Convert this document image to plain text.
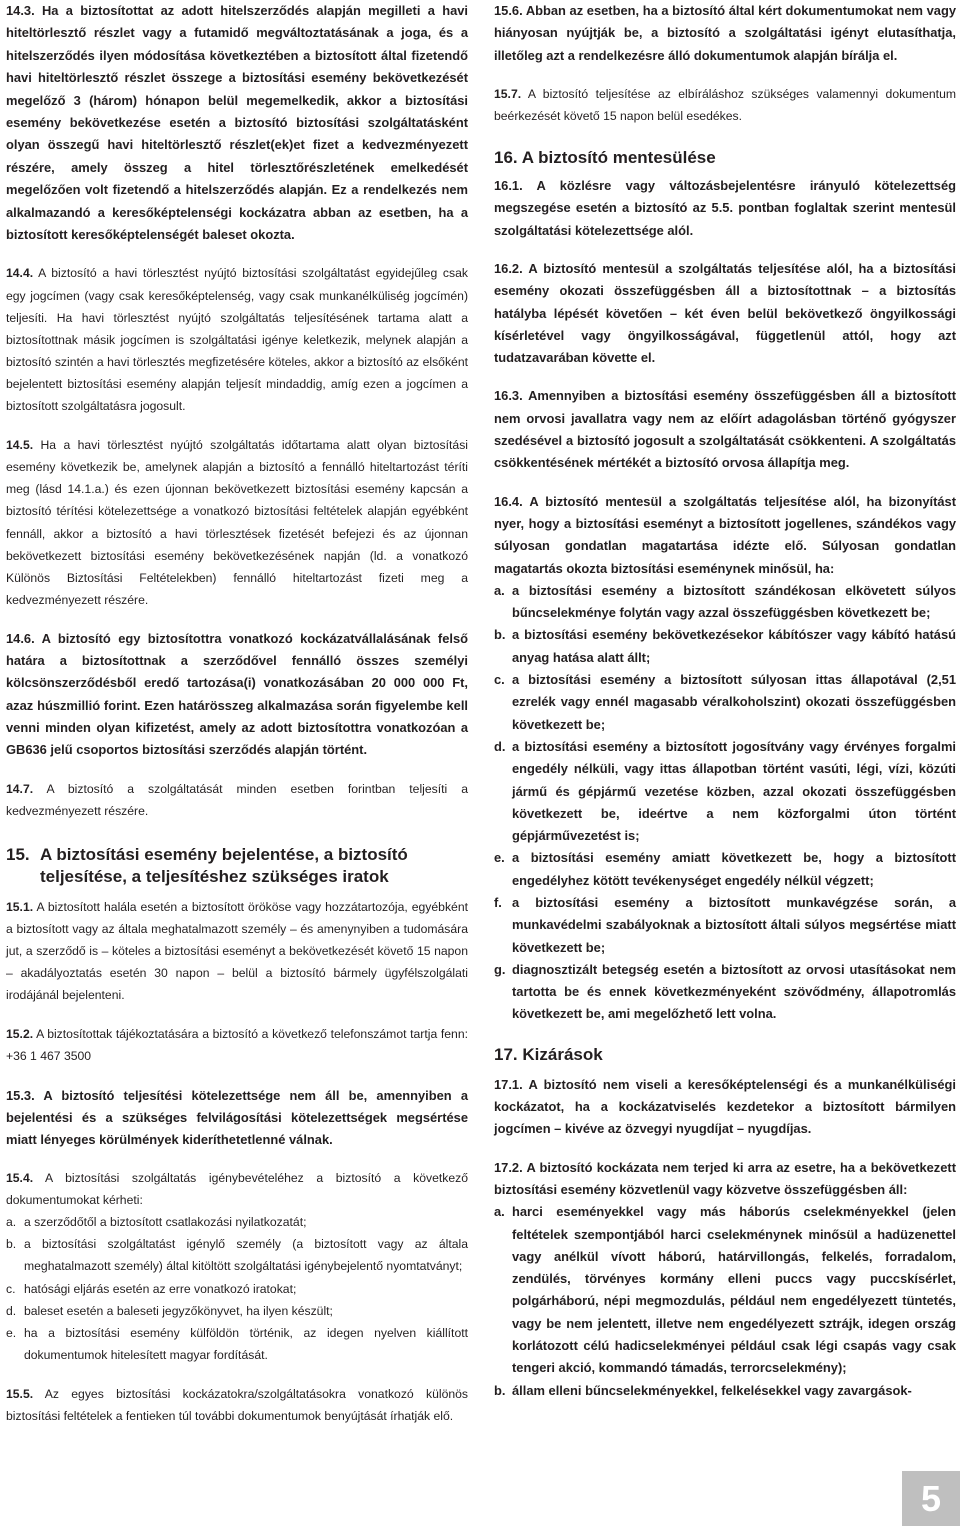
14.3. Ha a biztosítottat az adott hitelszerződés alapján megilleti a havi hiteltörlesztő részlet vagy a futamidő megváltoztatásának a joga, és a hitelszerződés ilyen módosítása következtében a biztosított által fizetendő havi hiteltörlesztő részlet összege a biztosítási esemény bekövetkezését megelőző 3 (három) hónapon belül megemelkedik, akkor a biztosítási esemény bekövetkezése esetén a biztosító biztosítási szolgáltatásként olyan összegű havi hiteltörlesztő részlet(ek)et fizet a kedvezményezett részére, amely összeg a hitel törlesztőrészletének emelkedését megelőzően volt fizetendő a hitelszerződés alapján. Ez a rendelkezés nem alkalmazandó a keresőképtelenségi kockázatra abban az esetben, ha a biztosított keresőképtelenségét baleset okozta.

14.4. A biztosító a havi törlesztést nyújtó biztosítási szolgáltatást egyidejűleg csak egy jogcímen (vagy csak keresőképtelenség, vagy csak munkanélküliség jogcímén) teljesíti. Ha havi törlesztést nyújtó szolgáltatás teljesítésének tartama alatt a biztosítottnak másik jogcímen is szolgáltatási igénye keletkezik, melynek alapján a biztosító szintén a havi törlesztés megfizetésére köteles, akkor a biztosító az elsőként bejelentett biztosítási esemény alapján teljesít mindaddig, amíg ezen a jogcímen a biztosított szolgáltatásra jogosult.

14.5. Ha a havi törlesztést nyújtó szolgáltatás időtartama alatt olyan biztosítási esemény következik be, amelynek alapján a biztosító a fennálló hiteltartozást téríti meg (lásd 14.1.a.) és ezen újonnan bekövetkezett biztosítási esemény kapcsán a biztosító térítési kötelezettsége a vonatkozó biztosítási feltételek alapján egyébként fennáll, akkor a biztosító a havi törlesztések fizetését befejezi és az újonnan bekövetkezett biztosítási esemény bekövetkezésének napján (ld. a vonatkozó Különös Biztosítási Feltételekben) fennálló hiteltartozást fizeti meg a kedvezményezett részére.

14.6. A biztosító egy biztosítottra vonatkozó kockázatvállalásának felső határa a biztosítottnak a szerződővel fennálló összes személyi kölcsönszerződésből eredő tartozása(i) vonatkozásában 20 000 000 Ft, azaz húszmillió forint. Ezen határösszeg alkalmazása során figyelembe kell venni minden olyan kifizetést, amely az adott biztosítottra vonatkozóan a GB636 jelű csoportos biztosítási szerződés alapján történt.

14.7. A biztosító a szolgáltatását minden esetben forintban teljesíti a kedvezményezett részére.

15. A biztosítási esemény bejelentése, a biztosító teljesítése, a teljesítéshez szükséges iratok

15.1. A biztosított halála esetén a biztosított örököse vagy hozzátartozója, egyébként a biztosított vagy az általa meghatalmazott személy – és amenynyiben a tudomására jut, a szerződő is – köteles a biztosítási eseményt a bekövetkezését követő 15 napon – akadályoztatás esetén 30 napon – belül a biztosító bármely ügyfélszolgálati irodájánál bejelenteni.

15.2. A biztosítottak tájékoztatására a biztosító a következő telefonszámot tartja fenn: +36 1 467 3500

15.3. A biztosító teljesítési kötelezettsége nem áll be, amennyiben a bejelentési és a szükséges felvilágosítási kötelezettségek megsértése miatt lényeges körülmények kideríthetetlenné válnak.

15.4. A biztosítási szolgáltatás igénybevételéhez a biztosító a következő dokumentumokat kérheti:

a. a szerződőtől a biztosított csatlakozási nyilatkozatát;
b. a biztosítási szolgáltatást igénylő személy (a biztosított vagy az általa meghatalmazott személy) által kitöltött szolgáltatási igénybejelentő nyomtatványt;
c. hatósági eljárás esetén az erre vonatkozó iratokat;
d. baleset esetén a baleseti jegyzőkönyvet, ha ilyen készült;
e. ha a biztosítási esemény külföldön történik, az idegen nyelven kiállított dokumentumok hitelesített magyar fordítását.

15.5. Az egyes biztosítási kockázatokra/szolgáltatásokra vonatkozó különös biztosítási feltételek a fentieken túl további dokumentumok benyújtását írhatják elő.

15.6. Abban az esetben, ha a biztosító által kért dokumentumokat nem vagy hiányosan nyújtják be, a biztosító a szolgáltatási igényt elutasíthatja, illetőleg azt a rendelkezésre álló dokumentumok alapján bírálja el.

15.7. A biztosító teljesítése az elbíráláshoz szükséges valamennyi dokumentum beérkezését követő 15 napon belül esedékes.

16. A biztosító mentesülése

16.1. A közlésre vagy változásbejelentésre irányuló kötelezettség megszegése esetén a biztosító az 5.5. pontban foglaltak szerint mentesül szolgáltatási kötelezettsége alól.

16.2. A biztosító mentesül a szolgáltatás teljesítése alól, ha a biztosítási esemény okozati összefüggésben áll a biztosítottnak – a biztosítás hatályba lépését követően – két éven belül bekövetkező öngyilkossági kísérletével vagy öngyilkosságával, függetlenül attól, hogy azt tudatzavarában követte el.

16.3. Amennyiben a biztosítási esemény összefüggésben áll a biztosított nem orvosi javallatra vagy nem az előírt adagolásban történő gyógyszer szedésével a biztosító jogosult a szolgáltatását csökkenteni. A szolgáltatás csökkentésének mértékét a biztosító orvosa állapítja meg.

16.4. A biztosító mentesül a szolgáltatás teljesítése alól, ha bizonyítást nyer, hogy a biztosítási eseményt a biztosított jogellenes, szándékos vagy súlyosan gondatlan magatartása idézte elő. Súlyosan gondatlan magatartás okozta biztosítási eseménynek minősül, ha:

a. a biztosítási esemény a biztosított szándékosan elkövetett súlyos bűncselekménye folytán vagy azzal összefüggésben következett be;
b. a biztosítási esemény bekövetkezésekor kábítószer vagy kábító hatású anyag hatása alatt állt;
c. a biztosítási esemény a biztosított súlyosan ittas állapotával (2,51 ezrelék vagy ennél magasabb véralkoholszint) okozati összefüggésben következett be;
d. a biztosítási esemény a biztosított jogosítvány vagy érvényes forgalmi engedély nélküli, vagy ittas állapotban történt vasúti, légi, vízi, közúti jármű és gépjármű vezetése közben, azzal okozati összefüggésben következett be, ideértve a nem közforgalmi úton történt gépjárművezetést is;
e. a biztosítási esemény amiatt következett be, hogy a biztosított engedélyhez kötött tevékenységet engedély nélkül végzett;
f. a biztosítási esemény a biztosított munkavégzése során, a munkavédelmi szabályoknak a biztosított általi súlyos megsértése miatt következett be;
g. diagnosztizált betegség esetén a biztosított az orvosi utasításokat nem tartotta be és ennek következményeként szövődmény, állapotromlás következett be, ami megelőzhető lett volna.
17. Kizárások

17.1. A biztosító nem viseli a keresőképtelenségi és a munkanélküliségi kockázatot, ha a kockázatviselés kezdetekor a biztosított bármilyen jogcímen – kivéve az özvegyi nyugdíjat – nyugdíjas.

17.2. A biztosító kockázata nem terjed ki arra az esetre, ha a bekövetkezett biztosítási esemény közvetlenül vagy közvetve összefüggésben áll:

a. harci eseményekkel vagy más háborús cselekményekkel (jelen feltételek szempontjából harci cselekménynek minősül a hadüzenettel vagy anélkül vívott háború, határvillongás, felkelés, forradalom, zendülés, törvényes kormány elleni puccs vagy puccskísérlet, polgárháború, népi megmozdulás, például nem engedélyezett tüntetés, vagy be nem jelentett, illetve nem engedélyezett sztrájk, idegen ország korlátozott célú hadicselekményei például csak légi csapás vagy csak tengeri akció, kommandó támadás, terrorcselekmény);
b. állam elleni bűncselekményekkel, felkelésekkel vagy zavargások-
5
